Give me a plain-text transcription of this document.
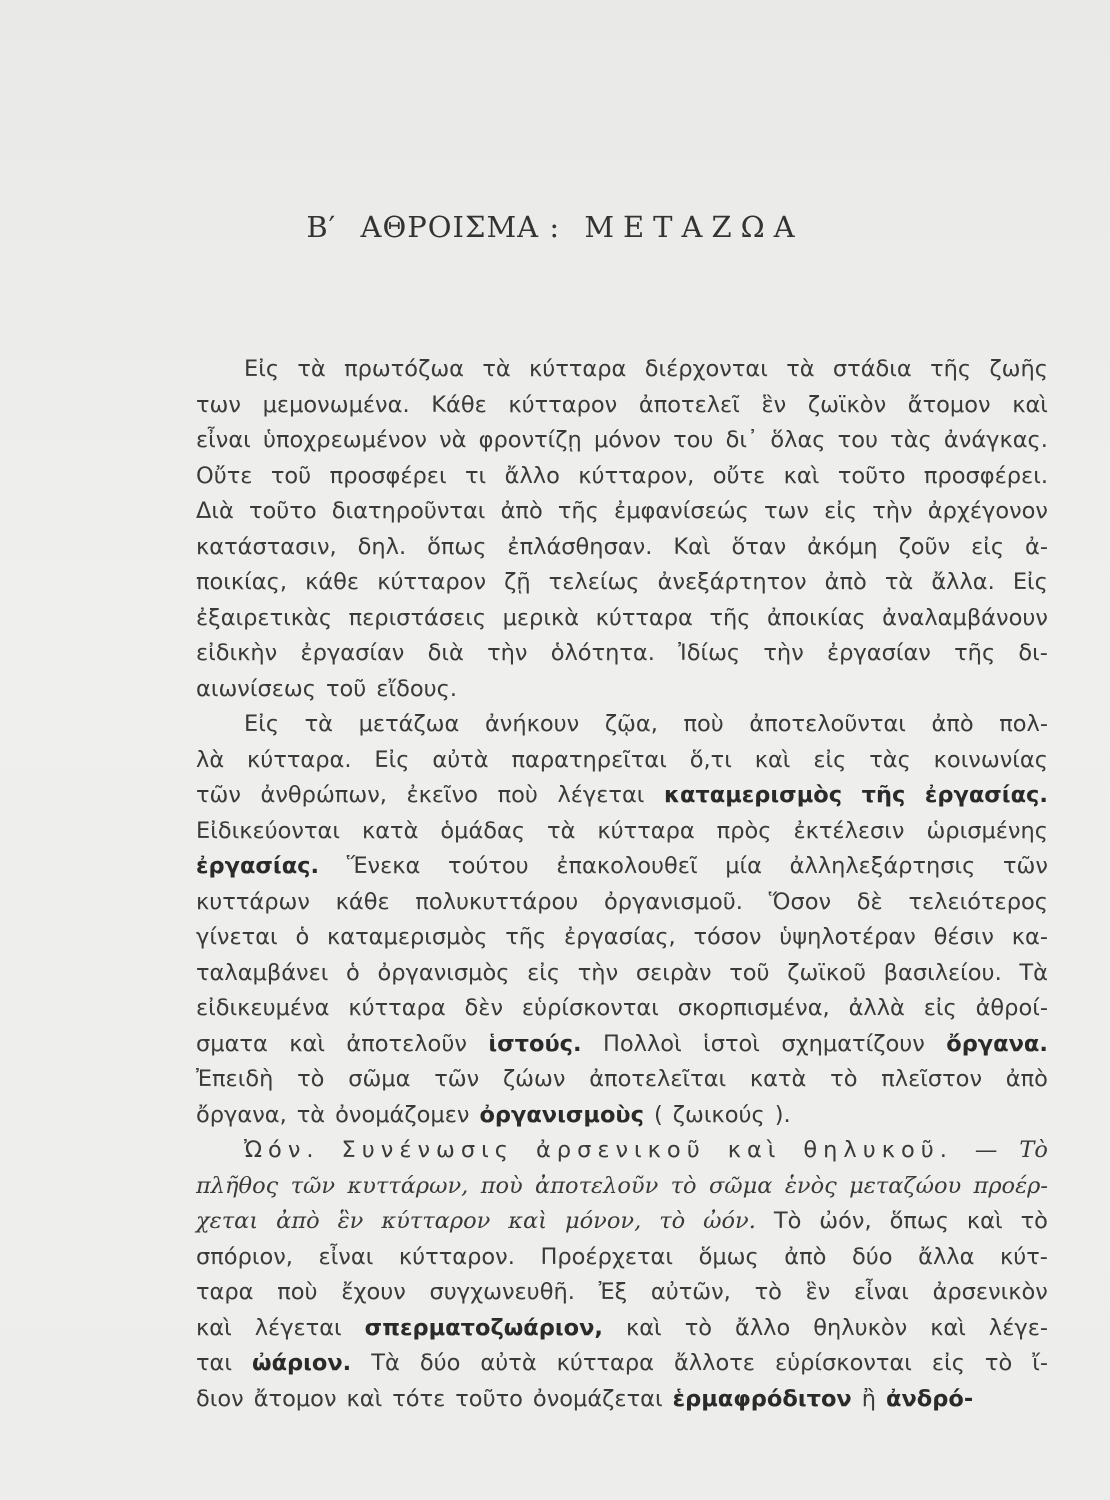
Β′ ΑΘΡΟΙΣΜΑ : ΜΕΤΑΖΩΑ
Εἰς τὰ πρωτόζωα τὰ κύτταρα διέρχονται τὰ στάδια τῆς ζωῆς
των μεμονωμένα. Κάθε κύτταρον ἀποτελεῖ ἓν ζωϊκὸν ἄτομον καὶ
εἶναι ὑποχρεωμένον νὰ φροντίζῃ μόνον του δι᾽ ὅλας του τὰς ἀνάγκας.
Οὔτε τοῦ προσφέρει τι ἄλλο κύτταρον, οὔτε καὶ τοῦτο προσφέρει.
Διὰ τοῦτο διατηροῦνται ἀπὸ τῆς ἐμφανίσεώς των εἰς τὴν ἀρχέγονον
κατάστασιν, δηλ. ὅπως ἐπλάσθησαν. Καὶ ὅταν ἀκόμη ζοῦν εἰς ἀ-
ποικίας, κάθε κύτταρον ζῇ τελείως ἀνεξάρτητον ἀπὸ τὰ ἄλλα. Εἰς
ἐξαιρετικὰς περιστάσεις μερικὰ κύτταρα τῆς ἀποικίας ἀναλαμβάνουν
εἰδικὴν ἐργασίαν διὰ τὴν ὁλότητα. Ἰδίως τὴν ἐργασίαν τῆς δι-
αιωνίσεως τοῦ εἴδους.
Εἰς τὰ μετάζωα ἀνήκουν ζῷα, ποὺ ἀποτελοῦνται ἀπὸ πολ-
λὰ κύτταρα. Εἰς αὐτὰ παρατηρεῖται ὅ,τι καὶ εἰς τὰς κοινωνίας
τῶν ἀνθρώπων, ἐκεῖνο ποὺ λέγεται καταμερισμὸς τῆς ἐργασίας.
Εἰδικεύονται κατὰ ὁμάδας τὰ κύτταρα πρὸς ἐκτέλεσιν ὡρισμένης
ἐργασίας. Ἕνεκα τούτου ἐπακολουθεῖ μία ἀλληλεξάρτησις τῶν
κυττάρων κάθε πολυκυττάρου ὀργανισμοῦ. Ὅσον δὲ τελειότερος
γίνεται ὁ καταμερισμὸς τῆς ἐργασίας, τόσον ὑψηλοτέραν θέσιν κα-
ταλαμβάνει ὁ ὀργανισμὸς εἰς τὴν σειρὰν τοῦ ζωϊκοῦ βασιλείου. Τὰ
εἰδικευμένα κύτταρα δὲν εὑρίσκονται σκορπισμένα, ἀλλὰ εἰς ἀθροί-
σματα καὶ ἀποτελοῦν ἱστούς. Πολλοὶ ἱστοὶ σχηματίζουν ὄργανα.
Ἐπειδὴ τὸ σῶμα τῶν ζώων ἀποτελεῖται κατὰ τὸ πλεῖστον ἀπὸ
ὄργανα, τὰ ὀνομάζομεν ὀργανισμοὺς ( ζωικούς ).
Ὠόν. Συνένωσις ἀρσενικοῦ καὶ θηλυκοῦ. — Τὸ
πλῆθος τῶν κυττάρων, ποὺ ἀποτελοῦν τὸ σῶμα ἑνὸς μεταζώου προέρ-
χεται ἀπὸ ἓν κύτταρον καὶ μόνον, τὸ ὠόν. Τὸ ὠόν, ὅπως καὶ τὸ
σπόριον, εἶναι κύτταρον. Προέρχεται ὅμως ἀπὸ δύο ἄλλα κύτ-
ταρα ποὺ ἔχουν συγχωνευθῆ. Ἐξ αὐτῶν, τὸ ἓν εἶναι ἀρσενικὸν
καὶ λέγεται σπερματοζωάριον, καὶ τὸ ἄλλο θηλυκὸν καὶ λέγε-
ται ὠάριον. Τὰ δύο αὐτὰ κύτταρα ἄλλοτε εὑρίσκονται εἰς τὸ ἴ-
διον ἄτομον καὶ τότε τοῦτο ὀνομάζεται ἑρμαφρόδιτον ἢ ἀνδρό-
